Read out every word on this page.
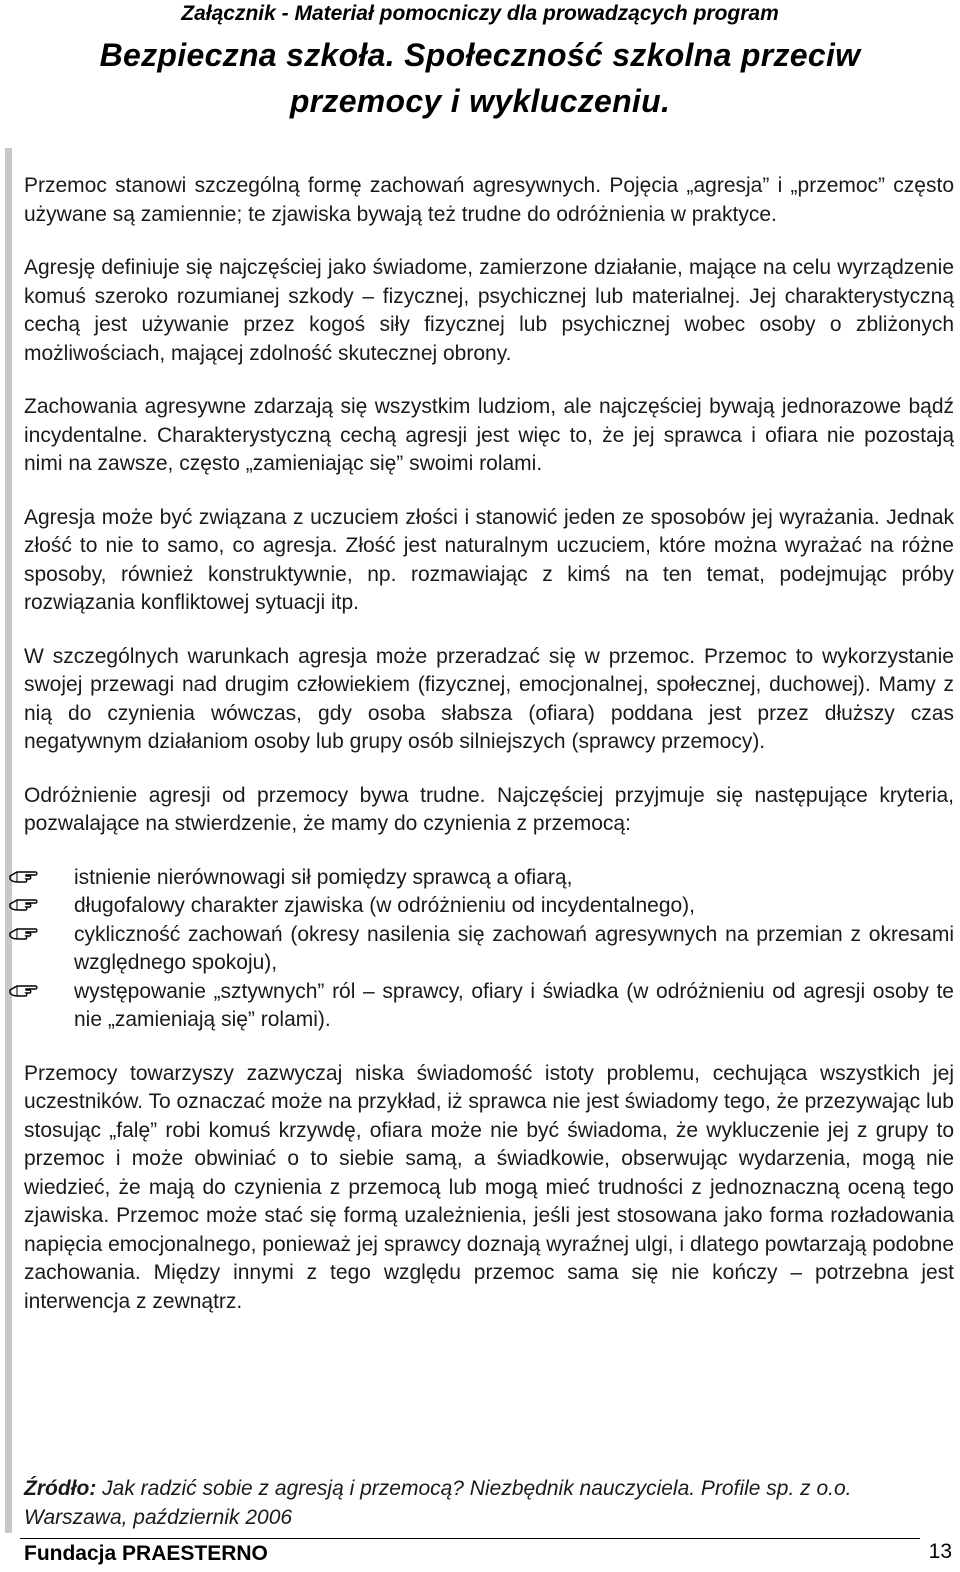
Załącznik - Materiał pomocniczy dla prowadzących program
Bezpieczna szkoła. Społeczność szkolna przeciw
przemocy i wykluczeniu.

Przemoc stanowi szczególną formę zachowań agresywnych. Pojęcia „agresja” i „przemoc” często używane są zamiennie; te zjawiska bywają też trudne do odróżnienia w praktyce.

Agresję definiuje się najczęściej jako świadome, zamierzone działanie, mające na celu wyrządzenie komuś szeroko rozumianej szkody – fizycznej, psychicznej lub materialnej. Jej charakterystyczną cechą jest używanie przez kogoś siły fizycznej lub psychicznej wobec osoby o zbliżonych możliwościach, mającej zdolność skutecznej obrony.

Zachowania agresywne zdarzają się wszystkim ludziom, ale najczęściej bywają jednorazowe bądź incydentalne. Charakterystyczną cechą agresji jest więc to, że jej sprawca i ofiara nie pozostają nimi na zawsze, często „zamieniając się” swoimi rolami.

Agresja może być związana z uczuciem złości i stanowić jeden ze sposobów jej wyrażania. Jednak złość to nie to samo, co agresja. Złość jest naturalnym uczuciem, które można wyrażać na różne sposoby, również konstruktywnie, np. rozmawiając z kimś na ten temat, podejmując próby rozwiązania konfliktowej sytuacji itp.

W szczególnych warunkach agresja może przeradzać się w przemoc. Przemoc to wykorzystanie swojej przewagi nad drugim człowiekiem (fizycznej, emocjonalnej, społecznej, duchowej). Mamy z nią do czynienia wówczas, gdy osoba słabsza (ofiara) poddana jest przez dłuższy czas negatywnym działaniom osoby lub grupy osób silniejszych (sprawcy przemocy).

Odróżnienie agresji od przemocy bywa trudne. Najczęściej przyjmuje się następujące kryteria, pozwalające na stwierdzenie, że mamy do czynienia z przemocą:

istnienie nierównowagi sił pomiędzy sprawcą a ofiarą,
długofalowy charakter zjawiska (w odróżnieniu od incydentalnego),
cykliczność zachowań (okresy nasilenia się zachowań agresywnych na przemian z okresami względnego spokoju),
występowanie „sztywnych” ról – sprawcy, ofiary i świadka (w odróżnieniu od agresji osoby te nie „zamieniają się” rolami).

Przemocy towarzyszy zazwyczaj niska świadomość istoty problemu, cechująca wszystkich jej uczestników. To oznaczać może na przykład, iż sprawca nie jest świadomy tego, że przezywając lub stosując „falę” robi komuś krzywdę, ofiara może nie być świadoma, że wykluczenie jej z grupy to przemoc i może obwiniać o to siebie samą, a świadkowie, obserwując wydarzenia, mogą nie wiedzieć, że mają do czynienia z przemocą lub mogą mieć trudności z jednoznaczną oceną tego zjawiska. Przemoc może stać się formą uzależnienia, jeśli jest stosowana jako forma rozładowania napięcia emocjonalnego, ponieważ jej sprawcy doznają wyraźnej ulgi, i dlatego powtarzają podobne zachowania. Między innymi z tego względu przemoc sama się nie kończy – potrzebna jest interwencja z zewnątrz.

Źródło: Jak radzić sobie z agresją i przemocą? Niezbędnik nauczyciela. Profile sp. z o.o. Warszawa, październik 2006
Fundacja PRAESTERNO	13
